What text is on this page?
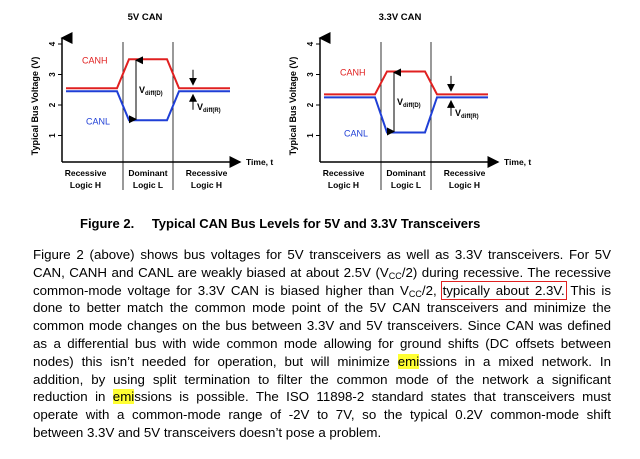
5V CAN
Typical Bus Voltage (V) 1
2
3
4
Time, t
Recessive
Logic H
Dominant
Logic L
Recessive
Logic H
CANH
CANL
$V_{diff(D)}$
$V_{diff(R)}$
3.3V CAN
Typical Bus Voltage (V) 1
2
3
4
Time, t
Recessive
Logic H
Dominant
Logic L
Recessive
Logic H
CANH
CANL
$V_{diff(D)}$
$V_{diff(R)}$
Figure 2. Typical CAN Bus Levels for 5V and 3.3V Transceivers
Figure 2 (above) shows bus voltages for 5V transceivers as well as 3.3V transceivers. For 5V
CAN, CANH and CANL are weakly biased at about 2.5V $(V_{CC}/2)$ during recessive. The recessive
common-mode voltage for 3.3V CAN is biased higher than $V_{CC}/2$, typically about 2.3V. This is
done to better match the common mode point of the 5V CAN transceivers and minimize the
common mode changes on the bus between 3.3V and 5V transceivers. Since CAN was defined
as a differential bus with wide common mode allowing for ground shifts (DC offsets between
nodes) this isn’t needed for operation, but will minimize emissions in a mixed network. In
addition, by using split termination to filter the common mode of the network a significant
reduction in emissions is possible. The ISO 11898-2 standard states that transceivers must
operate with a common-mode range of -2V to 7V, so the typical 0.2V common-mode shift
between 3.3V and 5V transceivers doesn’t pose a problem.
